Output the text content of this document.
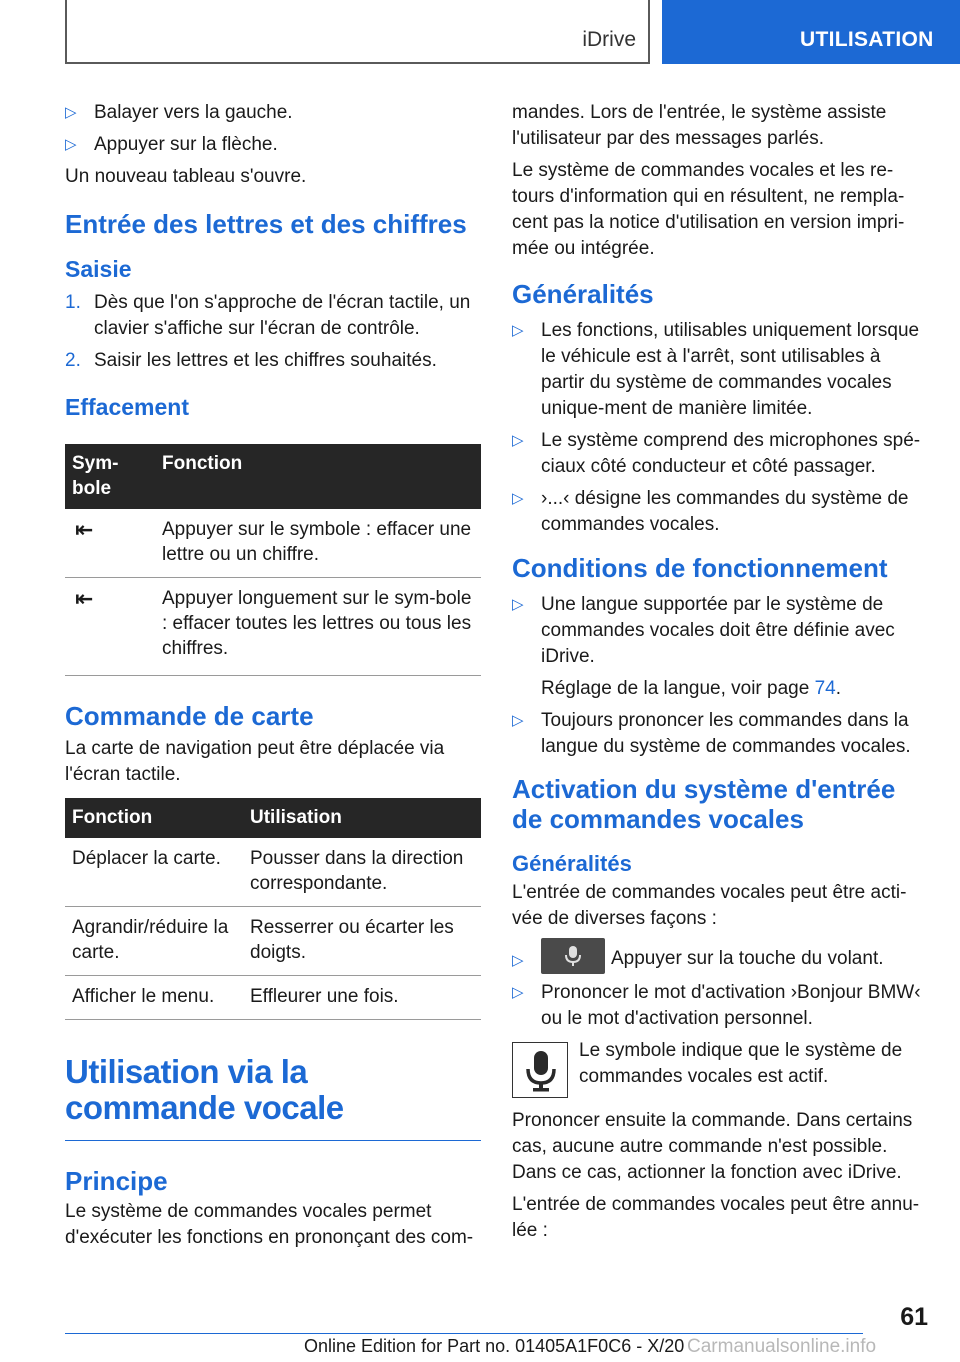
iDrive	UTILISATION
▷ Balayer vers la gauche.
▷ Appuyer sur la flèche.

Un nouveau tableau s'ouvre.

Entrée des lettres et des chiffres
Saisie
1. Dès que l'on s'approche de l'écran tactile, un clavier s'affiche sur l'écran de contrôle.
2. Saisir les lettres et les chiffres souhaités.
Effacement
Sym-bole	Fonction
⇤	Appuyer sur le symbole : effacer une lettre ou un chiffre.
⇤	Appuyer longuement sur le sym-bole : effacer toutes les lettres ou tous les chiffres.
Commande de carte

La carte de navigation peut être déplacée via l'écran tactile.

Fonction	Utilisation
Déplacer la carte.	Pousser dans la direction correspondante.
Agrandir/réduire la carte.	Resserrer ou écarter les doigts.
Afficher le menu.	Effleurer une fois.
Utilisation via la commande vocale
Principe

Le système de commandes vocales permet d'exécuter les fonctions en prononçant des com-

mandes. Lors de l'entrée, le système assiste l'utilisateur par des messages parlés.

Le système de commandes vocales et les re-tours d'information qui en résultent, ne rempla-cent pas la notice d'utilisation en version impri-mée ou intégrée.

Généralités
▷ Les fonctions, utilisables uniquement lorsque le véhicule est à l'arrêt, sont utilisables à partir du système de commandes vocales unique-ment de manière limitée.
▷ Le système comprend des microphones spé-ciaux côté conducteur et côté passager.
▷ ›...‹ désigne les commandes du système de commandes vocales.
Conditions de fonctionnement
▷ Une langue supportée par le système de commandes vocales doit être définie avec iDrive.
Réglage de la langue, voir page 74.
▷ Toujours prononcer les commandes dans la langue du système de commandes vocales.
Activation du système d'entrée de commandes vocales
Généralités

L'entrée de commandes vocales peut être acti-vée de diverses façons :

▷	Appuyer sur la touche du volant.
▷ Prononcer le mot d'activation ›Bonjour BMW‹ ou le mot d'activation personnel.
Le symbole indique que le système de commandes vocales est actif.

Prononcer ensuite la commande. Dans certains cas, aucune autre commande n'est possible. Dans ce cas, actionner la fonction avec iDrive.

L'entrée de commandes vocales peut être annu-lée :

61
Online Edition for Part no. 01405A1F0C6 - X/20 Carmanualsonline.info
